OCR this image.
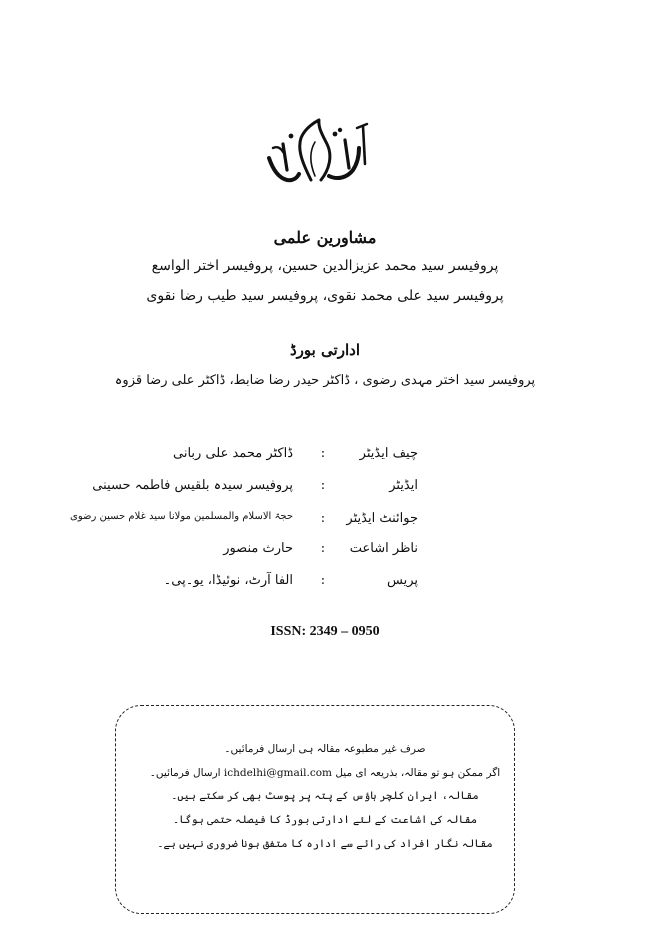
مشاورین علمی
پروفیسر سید محمد عزیزالدین حسین، پروفیسر اختر الواسع
پروفیسر سید علی محمد نقوی، پروفیسر سید طیب رضا نقوی
ادارتی بورڈ
پروفیسر سید اختر مہدی رضوی ، ڈاکٹر حیدر رضا ضابط، ڈاکٹر علی رضا قزوہ
چیف ایڈیٹر
:
ڈاکٹر محمد علی ربانی
ایڈیٹر
:
پروفیسر سیدہ بلقیس فاطمہ حسینی
جوائنٹ ایڈیٹر
:
حجۃ الاسلام والمسلمین مولانا سید غلام حسین رضوی
ناظر اشاعت
:
حارث منصور
پریس
:
الفا آرٹ، نوئیڈا، یو۔پی۔
ISSN: 2349 – 0950
صرف غیر مطبوعہ مقالہ ہی ارسال فرمائیں۔
اگر ممکن ہو تو مقالہ، بذریعہ ای میل ichdelhi@gmail.com ارسال فرمائیں۔
مقالہ، ایران کلچر ہاؤس کے پتہ پر پوسٹ بھی کر سکتے ہیں۔
مقالہ کی اشاعت کے لئے ادارتی بورڈ کا فیصلہ حتمی ہوگا۔
مقالہ نگار افراد کی رائے سے ادارہ کا متفق ہونا ضروری نہیں ہے۔
